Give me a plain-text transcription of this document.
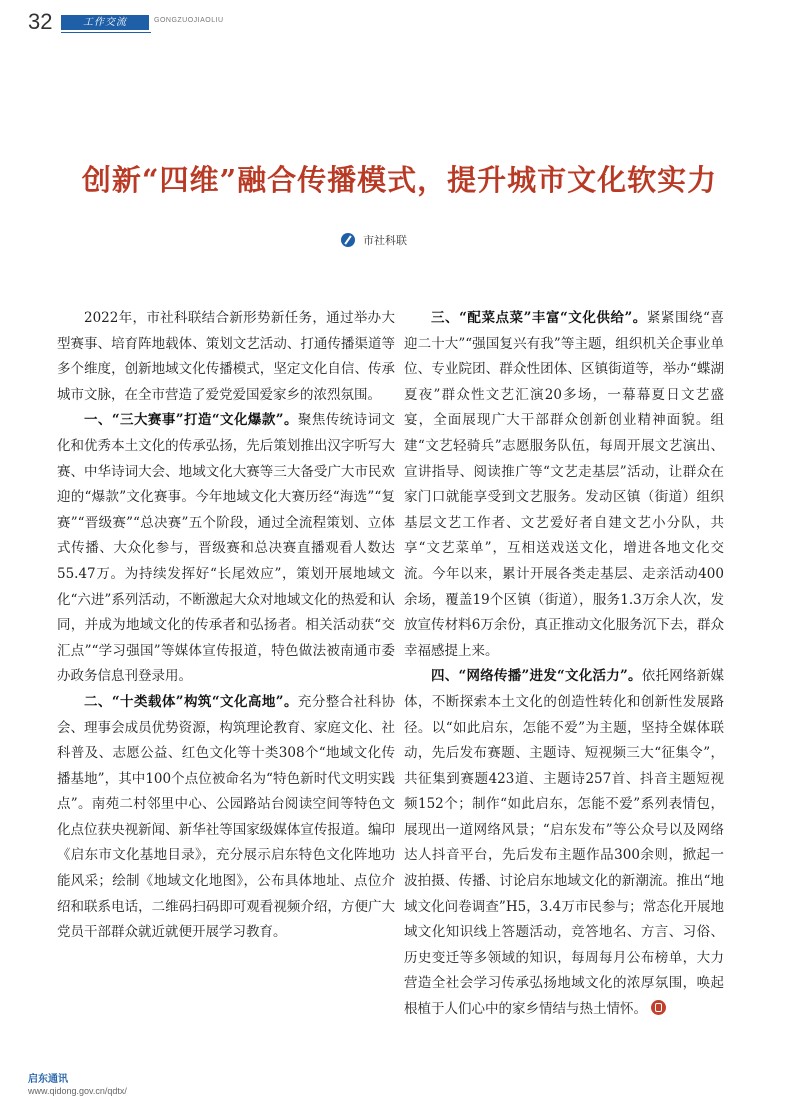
32	工作交流	GONGZUOJIAOLIU
创新“四维”融合传播模式，提升城市文化软实力
市社科联

2022年，市社科联结合新形势新任务，通过举办大型赛事、培育阵地载体、策划文艺活动、打通传播渠道等多个维度，创新地域文化传播模式，坚定文化自信、传承城市文脉，在全市营造了爱党爱国爱家乡的浓烈氛围。

一、“三大赛事”打造“文化爆款”。聚焦传统诗词文化和优秀本土文化的传承弘扬，先后策划推出汉字听写大赛、中华诗词大会、地域文化大赛等三大备受广大市民欢迎的“爆款”文化赛事。今年地域文化大赛历经“海选”“复赛”“晋级赛”“总决赛”五个阶段，通过全流程策划、立体式传播、大众化参与，晋级赛和总决赛直播观看人数达55.47万。为持续发挥好“长尾效应”，策划开展地域文化“六进”系列活动，不断激起大众对地域文化的热爱和认同，并成为地域文化的传承者和弘扬者。相关活动获“交汇点”“学习强国”等媒体宣传报道，特色做法被南通市委办政务信息刊登录用。

二、“十类载体”构筑“文化高地”。充分整合社科协会、理事会成员优势资源，构筑理论教育、家庭文化、社科普及、志愿公益、红色文化等十类308个“地域文化传播基地”，其中100个点位被命名为“特色新时代文明实践点”。南苑二村邻里中心、公园路站台阅读空间等特色文化点位获央视新闻、新华社等国家级媒体宣传报道。编印《启东市文化基地目录》，充分展示启东特色文化阵地功能风采；绘制《地域文化地图》，公布具体地址、点位介绍和联系电话，二维码扫码即可观看视频介绍，方便广大党员干部群众就近就便开展学习教育。

三、“配菜点菜”丰富“文化供给”。紧紧围绕“喜迎二十大”“强国复兴有我”等主题，组织机关企事业单位、专业院团、群众性团体、区镇街道等，举办“蝶湖夏夜”群众性文艺汇演20多场，一幕幕夏日文艺盛宴，全面展现广大干部群众创新创业精神面貌。组建“文艺轻骑兵”志愿服务队伍，每周开展文艺演出、宣讲指导、阅读推广等“文艺走基层”活动，让群众在家门口就能享受到文艺服务。发动区镇（街道）组织基层文艺工作者、文艺爱好者自建文艺小分队，共享“文艺菜单”，互相送戏送文化，增进各地文化交流。今年以来，累计开展各类走基层、走亲活动400余场，覆盖19个区镇（街道），服务1.3万余人次，发放宣传材料6万余份，真正推动文化服务沉下去，群众幸福感提上来。

四、“网络传播”进发“文化活力”。依托网络新媒体，不断探索本土文化的创造性转化和创新性发展路径。以“如此启东，怎能不爱”为主题，坚持全媒体联动，先后发布赛题、主题诗、短视频三大“征集令”，共征集到赛题423道、主题诗257首、抖音主题短视频152个；制作“如此启东，怎能不爱”系列表情包，展现出一道网络风景；“启东发布”等公众号以及网络达人抖音平台，先后发布主题作品300余则，掀起一波拍摄、传播、讨论启东地域文化的新潮流。推出“地域文化问卷调查”H5，3.4万市民参与；常态化开展地域文化知识线上答题活动，竞答地名、方言、习俗、历史变迁等多领域的知识，每周每月公布榜单，大力营造全社会学习传承弘扬地域文化的浓厚氛围，唤起根植于人们心中的家乡情结与热土情怀。

启东通讯
www.qidong.gov.cn/qdtx/
